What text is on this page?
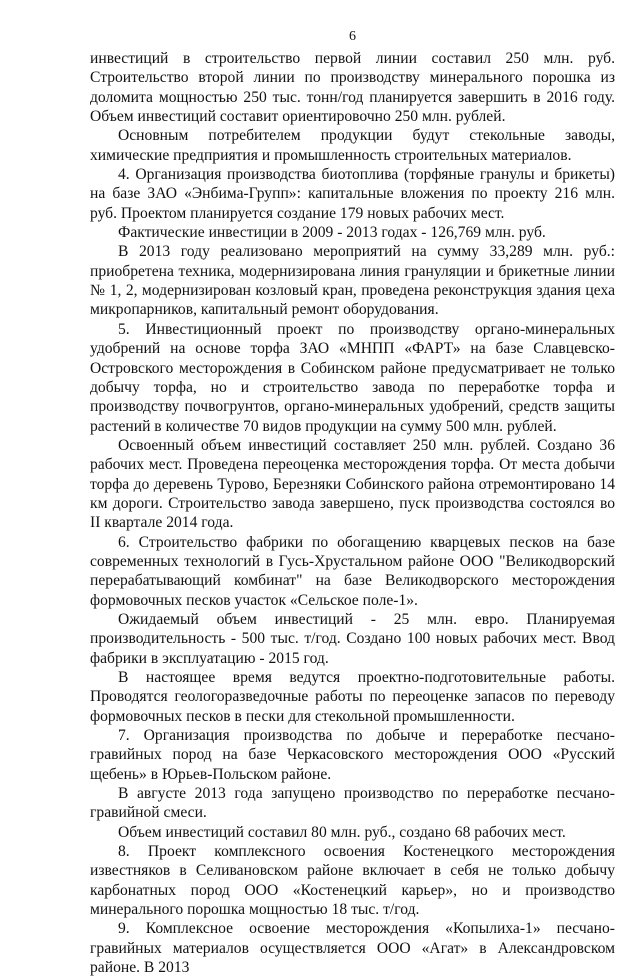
6

инвестиций в строительство первой линии составил 250 млн. руб. Строительство второй линии по производству минерального порошка из доломита мощностью 250 тыс. тонн/год планируется завершить в 2016 году. Объем инвестиций составит ориентировочно 250 млн. рублей.

Основным потребителем продукции будут стекольные заводы, химические предприятия и промышленность строительных материалов.

4. Организация производства биотоплива (торфяные гранулы и брикеты) на базе ЗАО «Энбима-Групп»: капитальные вложения по проекту 216 млн. руб. Проектом планируется создание 179 новых рабочих мест.

Фактические инвестиции в 2009 - 2013 годах - 126,769 млн. руб.

В 2013 году реализовано мероприятий на сумму 33,289 млн. руб.: приобретена техника, модернизирована линия грануляции и брикетные линии № 1, 2, модернизирован козловый кран, проведена реконструкция здания цеха микропарников, капитальный ремонт оборудования.

5. Инвестиционный проект по производству органо-минеральных удобрений на основе торфа ЗАО «МНПП «ФАРТ» на базе Славцевско-Островского месторождения в Собинском районе предусматривает не только добычу торфа, но и строительство завода по переработке торфа и производству почвогрунтов, органо-минеральных удобрений, средств защиты растений в количестве 70 видов продукции на сумму 500 млн. рублей.

Освоенный объем инвестиций составляет 250 млн. рублей. Создано 36 рабочих мест. Проведена переоценка месторождения торфа. От места добычи торфа до деревень Турово, Березняки Собинского района отремонтировано 14 км дороги. Строительство завода завершено, пуск производства состоялся во II квартале 2014 года.

6. Строительство фабрики по обогащению кварцевых песков на базе современных технологий в Гусь-Хрустальном районе ООО "Великодворский перерабатывающий комбинат" на базе Великодворского месторождения формовочных песков участок «Сельское поле-1».

Ожидаемый объем инвестиций - 25 млн. евро. Планируемая производительность - 500 тыс. т/год. Создано 100 новых рабочих мест. Ввод фабрики в эксплуатацию - 2015 год.

В настоящее время ведутся проектно-подготовительные работы. Проводятся геологоразведочные работы по переоценке запасов по переводу формовочных песков в пески для стекольной промышленности.

7. Организация производства по добыче и переработке песчано-гравийных пород на базе Черкасовского месторождения ООО «Русский щебень» в Юрьев-Польском районе.

В августе 2013 года запущено производство по переработке песчано-гравийной смеси.

Объем инвестиций составил 80 млн. руб., создано 68 рабочих мест.

8. Проект комплексного освоения Костенецкого месторождения известняков в Селивановском районе включает в себя не только добычу карбонатных пород ООО «Костенецкий карьер», но и производство минерального порошка мощностью 18 тыс. т/год.

9. Комплексное освоение месторождения «Копылиха-1» песчано-гравийных материалов осуществляется ООО «Агат» в Александровском районе. В 2013
